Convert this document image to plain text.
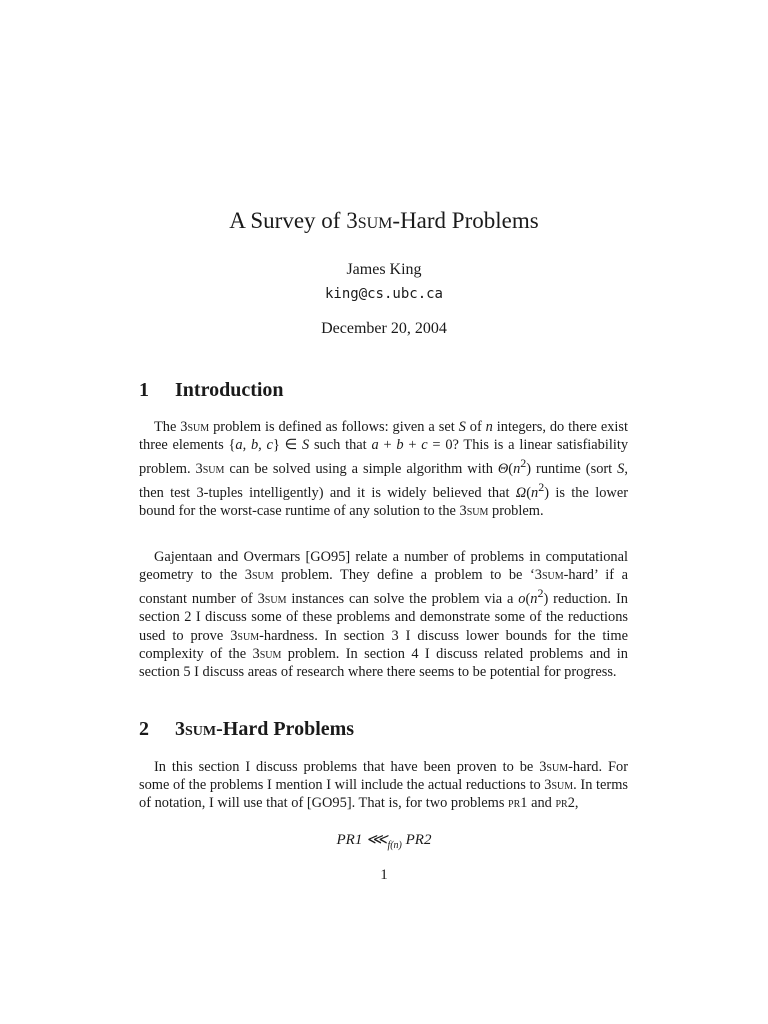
A Survey of 3sum-Hard Problems
James King
king@cs.ubc.ca
December 20, 2004
1 Introduction
The 3sum problem is defined as follows: given a set S of n integers, do there exist three elements {a, b, c} ∈ S such that a + b + c = 0? This is a linear satisfiability problem. 3sum can be solved using a simple algorithm with $\Theta(n^2)$ runtime (sort S, then test 3-tuples intelligently) and it is widely believed that $\Omega(n^2)$ is the lower bound for the worst-case runtime of any solution to the 3sum problem.
Gajentaan and Overmars [GO95] relate a number of problems in computational geometry to the 3sum problem. They define a problem to be ‘3sum-hard’ if a constant number of 3sum instances can solve the problem via a $o(n^2)$ reduction. In section 2 I discuss some of these problems and demonstrate some of the reductions used to prove 3sum-hardness. In section 3 I discuss lower bounds for the time complexity of the 3sum problem. In section 4 I discuss related problems and in section 5 I discuss areas of research where there seems to be potential for progress.
2 3sum-Hard Problems
In this section I discuss problems that have been proven to be 3sum-hard. For some of the problems I mention I will include the actual reductions to 3sum. In terms of notation, I will use that of [GO95]. That is, for two problems pr1 and pr2,
PR1 $⋘_{f(n)}$ PR2
1
